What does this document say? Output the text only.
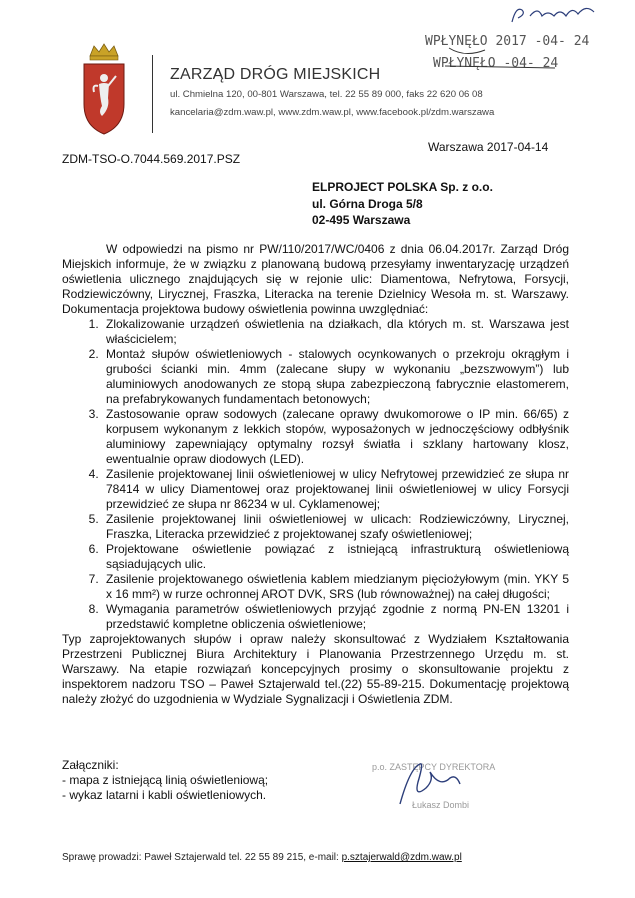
ZARZĄD DRÓG MIEJSKICH
ul. Chmielna 120, 00-801 Warszawa, tel. 22 55 89 000, faks 22 620 06 08
kancelaria@zdm.waw.pl, www.zdm.waw.pl, www.facebook.pl/zdm.warszawa
WPŁYNĘŁO 2017 -04- 24
WPŁYNĘŁO -04- 24
ZDM-TSO-O.7044.569.2017.PSZ
Warszawa 2017-04-14
ELPROJECT POLSKA Sp. z o.o.
ul. Górna Droga 5/8
02-495 Warszawa

W odpowiedzi na pismo nr PW/110/2017/WC/0406 z dnia 06.04.2017r. Zarząd Dróg Miejskich informuje, że w związku z planowaną budową przesyłamy inwentaryzację urządzeń oświetlenia ulicznego znajdujących się w rejonie ulic: Diamentowa, Nefrytowa, Forsycji, Rodziewiczówny, Lirycznej, Fraszka, Literacka na terenie Dzielnicy Wesoła m. st. Warszawy. Dokumentacja projektowa budowy oświetlenia powinna uwzględniać:

1. Zlokalizowanie urządzeń oświetlenia na działkach, dla których m. st. Warszawa jest właścicielem;
2. Montaż słupów oświetleniowych - stalowych ocynkowanych o przekroju okrągłym i grubości ścianki min. 4mm (zalecane słupy w wykonaniu „bezszwowym”) lub aluminiowych anodowanych ze stopą słupa zabezpieczoną fabrycznie elastomerem, na prefabrykowanych fundamentach betonowych;
3. Zastosowanie opraw sodowych (zalecane oprawy dwukomorowe o IP min. 66/65) z korpusem wykonanym z lekkich stopów, wyposażonych w jednoczęściowy odbłyśnik aluminiowy zapewniający optymalny rozsył światła i szklany hartowany klosz, ewentualnie opraw diodowych (LED).
4. Zasilenie projektowanej linii oświetleniowej w ulicy Nefrytowej przewidzieć ze słupa nr 78414 w ulicy Diamentowej oraz projektowanej linii oświetleniowej w ulicy Forsycji przewidzieć ze słupa nr 86234 w ul. Cyklamenowej;
5. Zasilenie projektowanej linii oświetleniowej w ulicach: Rodziewiczówny, Lirycznej, Fraszka, Literacka przewidzieć z projektowanej szafy oświetleniowej;
6. Projektowane oświetlenie powiązać z istniejącą infrastrukturą oświetleniową sąsiadujących ulic.
7. Zasilenie projektowanego oświetlenia kablem miedzianym pięciożyłowym (min. YKY 5 x 16 mm²) w rurze ochronnej AROT DVK, SRS (lub równoważnej) na całej długości;
8. Wymagania parametrów oświetleniowych przyjąć zgodnie z normą PN-EN 13201 i przedstawić kompletne obliczenia oświetleniowe;

Typ zaprojektowanych słupów i opraw należy skonsultować z Wydziałem Kształtowania Przestrzeni Publicznej Biura Architektury i Planowania Przestrzennego Urzędu m. st. Warszawy. Na etapie rozwiązań koncepcyjnych prosimy o skonsultowanie projektu z inspektorem nadzoru TSO – Paweł Sztajerwald tel.(22) 55-89-215. Dokumentację projektową należy złożyć do uzgodnienia w Wydziale Sygnalizacji i Oświetlenia ZDM.

Załączniki:
- mapa z istniejącą linią oświetleniową;
- wykaz latarni i kabli oświetleniowych.
p.o. ZASTĘPCY DYREKTORA
Łukasz Dombi
Sprawę prowadzi: Paweł Sztajerwald tel. 22 55 89 215, e-mail: p.sztajerwald@zdm.waw.pl
